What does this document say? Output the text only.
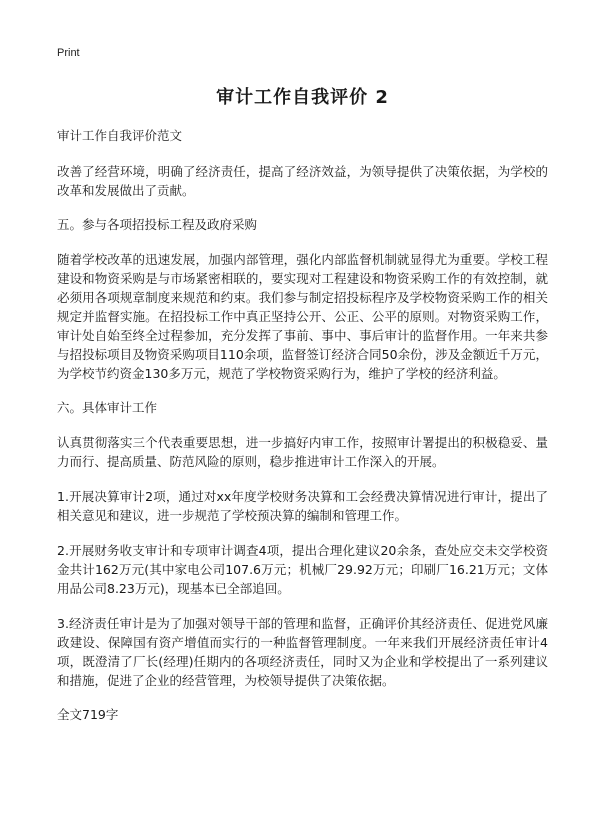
Print
审计工作自我评价 2
审计工作自我评价范文

改善了经营环境，明确了经济责任，提高了经济效益，为领导提供了决策依据，为学校的改革和发展做出了贡献。

五。参与各项招投标工程及政府采购

随着学校改革的迅速发展，加强内部管理，强化内部监督机制就显得尤为重要。学校工程建设和物资采购是与市场紧密相联的，要实现对工程建设和物资采购工作的有效控制，就必须用各项规章制度来规范和约束。我们参与制定招投标程序及学校物资采购工作的相关规定并监督实施。在招投标工作中真正坚持公开、公正、公平的原则。对物资采购工作，审计处自始至终全过程参加，充分发挥了事前、事中、事后审计的监督作用。一年来共参与招投标项目及物资采购项目110余项，监督签订经济合同50余份，涉及金额近千万元，为学校节约资金130多万元，规范了学校物资采购行为，维护了学校的经济利益。

六。具体审计工作

认真贯彻落实三个代表重要思想，进一步搞好内审工作，按照审计署提出的积极稳妥、量力而行、提高质量、防范风险的原则，稳步推进审计工作深入的开展。

1.开展决算审计2项，通过对xx年度学校财务决算和工会经费决算情况进行审计，提出了相关意见和建议，进一步规范了学校预决算的编制和管理工作。

2.开展财务收支审计和专项审计调查4项，提出合理化建议20余条，查处应交未交学校资金共计162万元(其中家电公司107.6万元；机械厂29.92万元；印刷厂16.21万元；文体用品公司8.23万元)，现基本已全部追回。

3.经济责任审计是为了加强对领导干部的管理和监督，正确评价其经济责任、促进党风廉政建设、保障国有资产增值而实行的一种监督管理制度。一年来我们开展经济责任审计4项，既澄清了厂长(经理)任期内的各项经济责任，同时又为企业和学校提出了一系列建议和措施，促进了企业的经营管理，为校领导提供了决策依据。

全文719字
